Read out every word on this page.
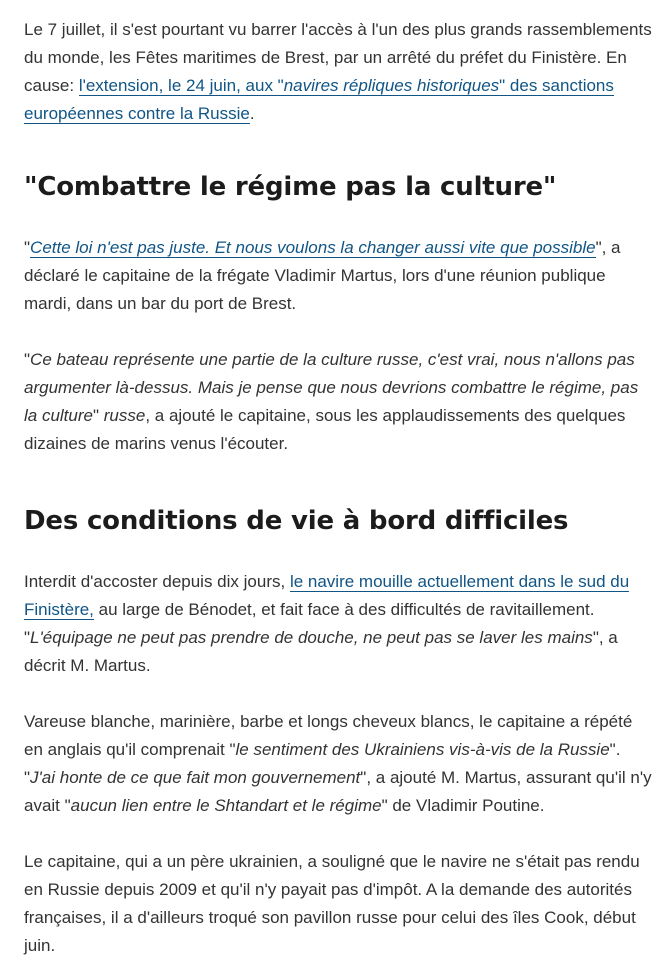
Le 7 juillet, il s'est pourtant vu barrer l'accès à l'un des plus grands rassemblements du monde, les Fêtes maritimes de Brest, par un arrêté du préfet du Finistère. En cause: l'extension, le 24 juin, aux "navires répliques historiques" des sanctions européennes contre la Russie.

"Combattre le régime pas la culture"

"Cette loi n'est pas juste. Et nous voulons la changer aussi vite que possible", a déclaré le capitaine de la frégate Vladimir Martus, lors d'une réunion publique mardi, dans un bar du port de Brest.

"Ce bateau représente une partie de la culture russe, c'est vrai, nous n'allons pas argumenter là-dessus. Mais je pense que nous devrions combattre le régime, pas la culture" russe, a ajouté le capitaine, sous les applaudissements des quelques dizaines de marins venus l'écouter.

Des conditions de vie à bord difficiles

Interdit d'accoster depuis dix jours, le navire mouille actuellement dans le sud du Finistère, au large de Bénodet, et fait face à des difficultés de ravitaillement. "L'équipage ne peut pas prendre de douche, ne peut pas se laver les mains", a décrit M. Martus.

Vareuse blanche, marinière, barbe et longs cheveux blancs, le capitaine a répété en anglais qu'il comprenait "le sentiment des Ukrainiens vis-à-vis de la Russie". "J'ai honte de ce que fait mon gouvernement", a ajouté M. Martus, assurant qu'il n'y avait "aucun lien entre le Shtandart et le régime" de Vladimir Poutine.

Le capitaine, qui a un père ukrainien, a souligné que le navire ne s'était pas rendu en Russie depuis 2009 et qu'il n'y payait pas d'impôt. A la demande des autorités françaises, il a d'ailleurs troqué son pavillon russe pour celui des îles Cook, début juin.
